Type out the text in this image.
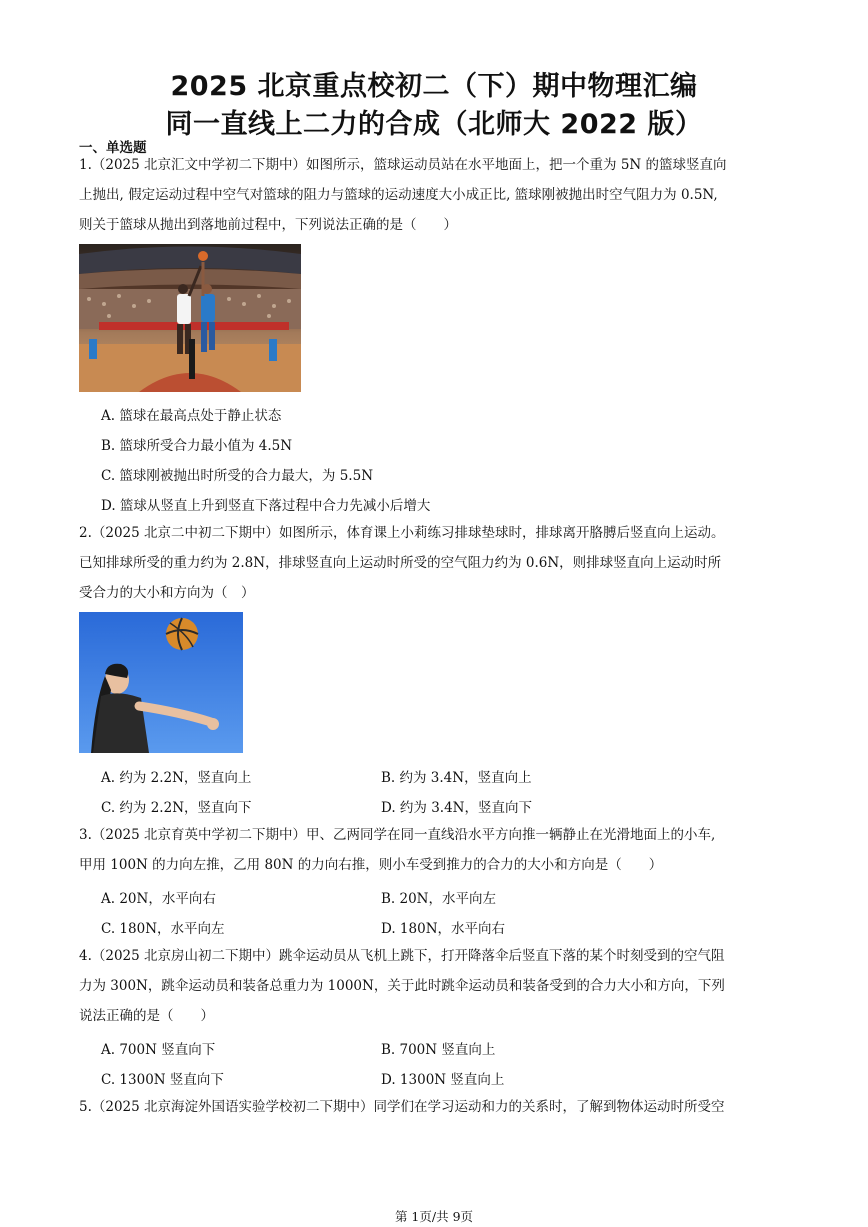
2025 北京重点校初二（下）期中物理汇编
同一直线上二力的合成（北师大 2022 版）
一、单选题
1.（2025 北京汇文中学初二下期中）如图所示，篮球运动员站在水平地面上，把一个重为 5N 的篮球竖直向
上抛出, 假定运动过程中空气对篮球的阻力与篮球的运动速度大小成正比, 篮球刚被抛出时空气阻力为 0.5N,
则关于篮球从抛出到落地前过程中，下列说法正确的是（　　）
A. 篮球在最高点处于静止状态
B. 篮球所受合力最小值为 4.5N
C. 篮球刚被抛出时所受的合力最大，为 5.5N
D. 篮球从竖直上升到竖直下落过程中合力先减小后增大
2.（2025 北京二中初二下期中）如图所示，体育课上小莉练习排球垫球时，排球离开胳膊后竖直向上运动。
已知排球所受的重力约为 2.8N，排球竖直向上运动时所受的空气阻力约为 0.6N，则排球竖直向上运动时所
受合力的大小和方向为（　）
A. 约为 2.2N，竖直向上	B. 约为 3.4N，竖直向上
C. 约为 2.2N，竖直向下	D. 约为 3.4N，竖直向下
3.（2025 北京育英中学初二下期中）甲、乙两同学在同一直线沿水平方向推一辆静止在光滑地面上的小车,
甲用 100N 的力向左推，乙用 80N 的力向右推，则小车受到推力的合力的大小和方向是（　　）
A. 20N，水平向右	B. 20N，水平向左
C. 180N，水平向左	D. 180N，水平向右
4.（2025 北京房山初二下期中）跳伞运动员从飞机上跳下，打开降落伞后竖直下落的某个时刻受到的空气阻
力为 300N，跳伞运动员和装备总重力为 1000N，关于此时跳伞运动员和装备受到的合力大小和方向，下列
说法正确的是（　　）
A. 700N 竖直向下	B. 700N 竖直向上
C. 1300N 竖直向下	D. 1300N 竖直向上
5.（2025 北京海淀外国语实验学校初二下期中）同学们在学习运动和力的关系时，了解到物体运动时所受空
第 1页/共 9页
